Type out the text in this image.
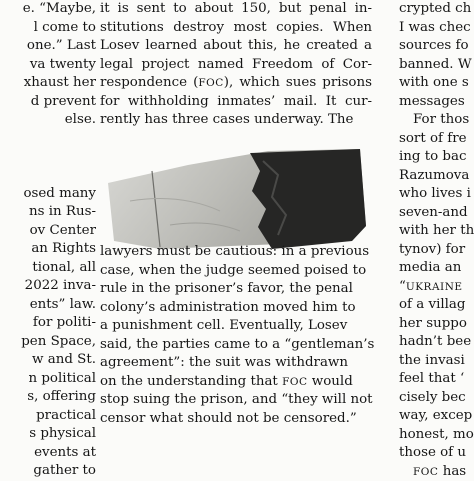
e. “Maybe,
l come to
one.” Last
va twenty
xhaust her
d prevent
else.
osed many
ns in Rus-
ov Center
an Rights
tional, all
2022 inva-
ents” law.
for politi-
pen Space,
w and St.
n political
s, offering
practical
s physical
events at
gather to
it is sent to about 150, but penal in-
stitutions destroy most copies. When
Losev learned about this, he created a
legal project named Freedom of Cor-
respondence (FOC), which sues prisons
for withholding inmates’ mail. It cur-
rently has three cases underway. The
lawyers must be cautious: in a previous
case, when the judge seemed poised to
rule in the prisoner’s favor, the penal
colony’s administration moved him to
a punishment cell. Eventually, Losev
said, the parties came to a “gentleman’s
agreement”: the suit was withdrawn
on the understanding that FOC would
stop suing the prison, and “they will not
censor what should not be censored.”
crypted ch
I was chec
sources fo
banned. W
with one s
messages
For thos
sort of fre
ing to bac
Razumova
who lives i
seven-and
with her th
tynov) for
media an
“UKRAINE
of a villag
her suppo
hadn’t bee
the invasi
feel that ‘
cisely bec
way, excep
honest, mo
those of u
FOC has
